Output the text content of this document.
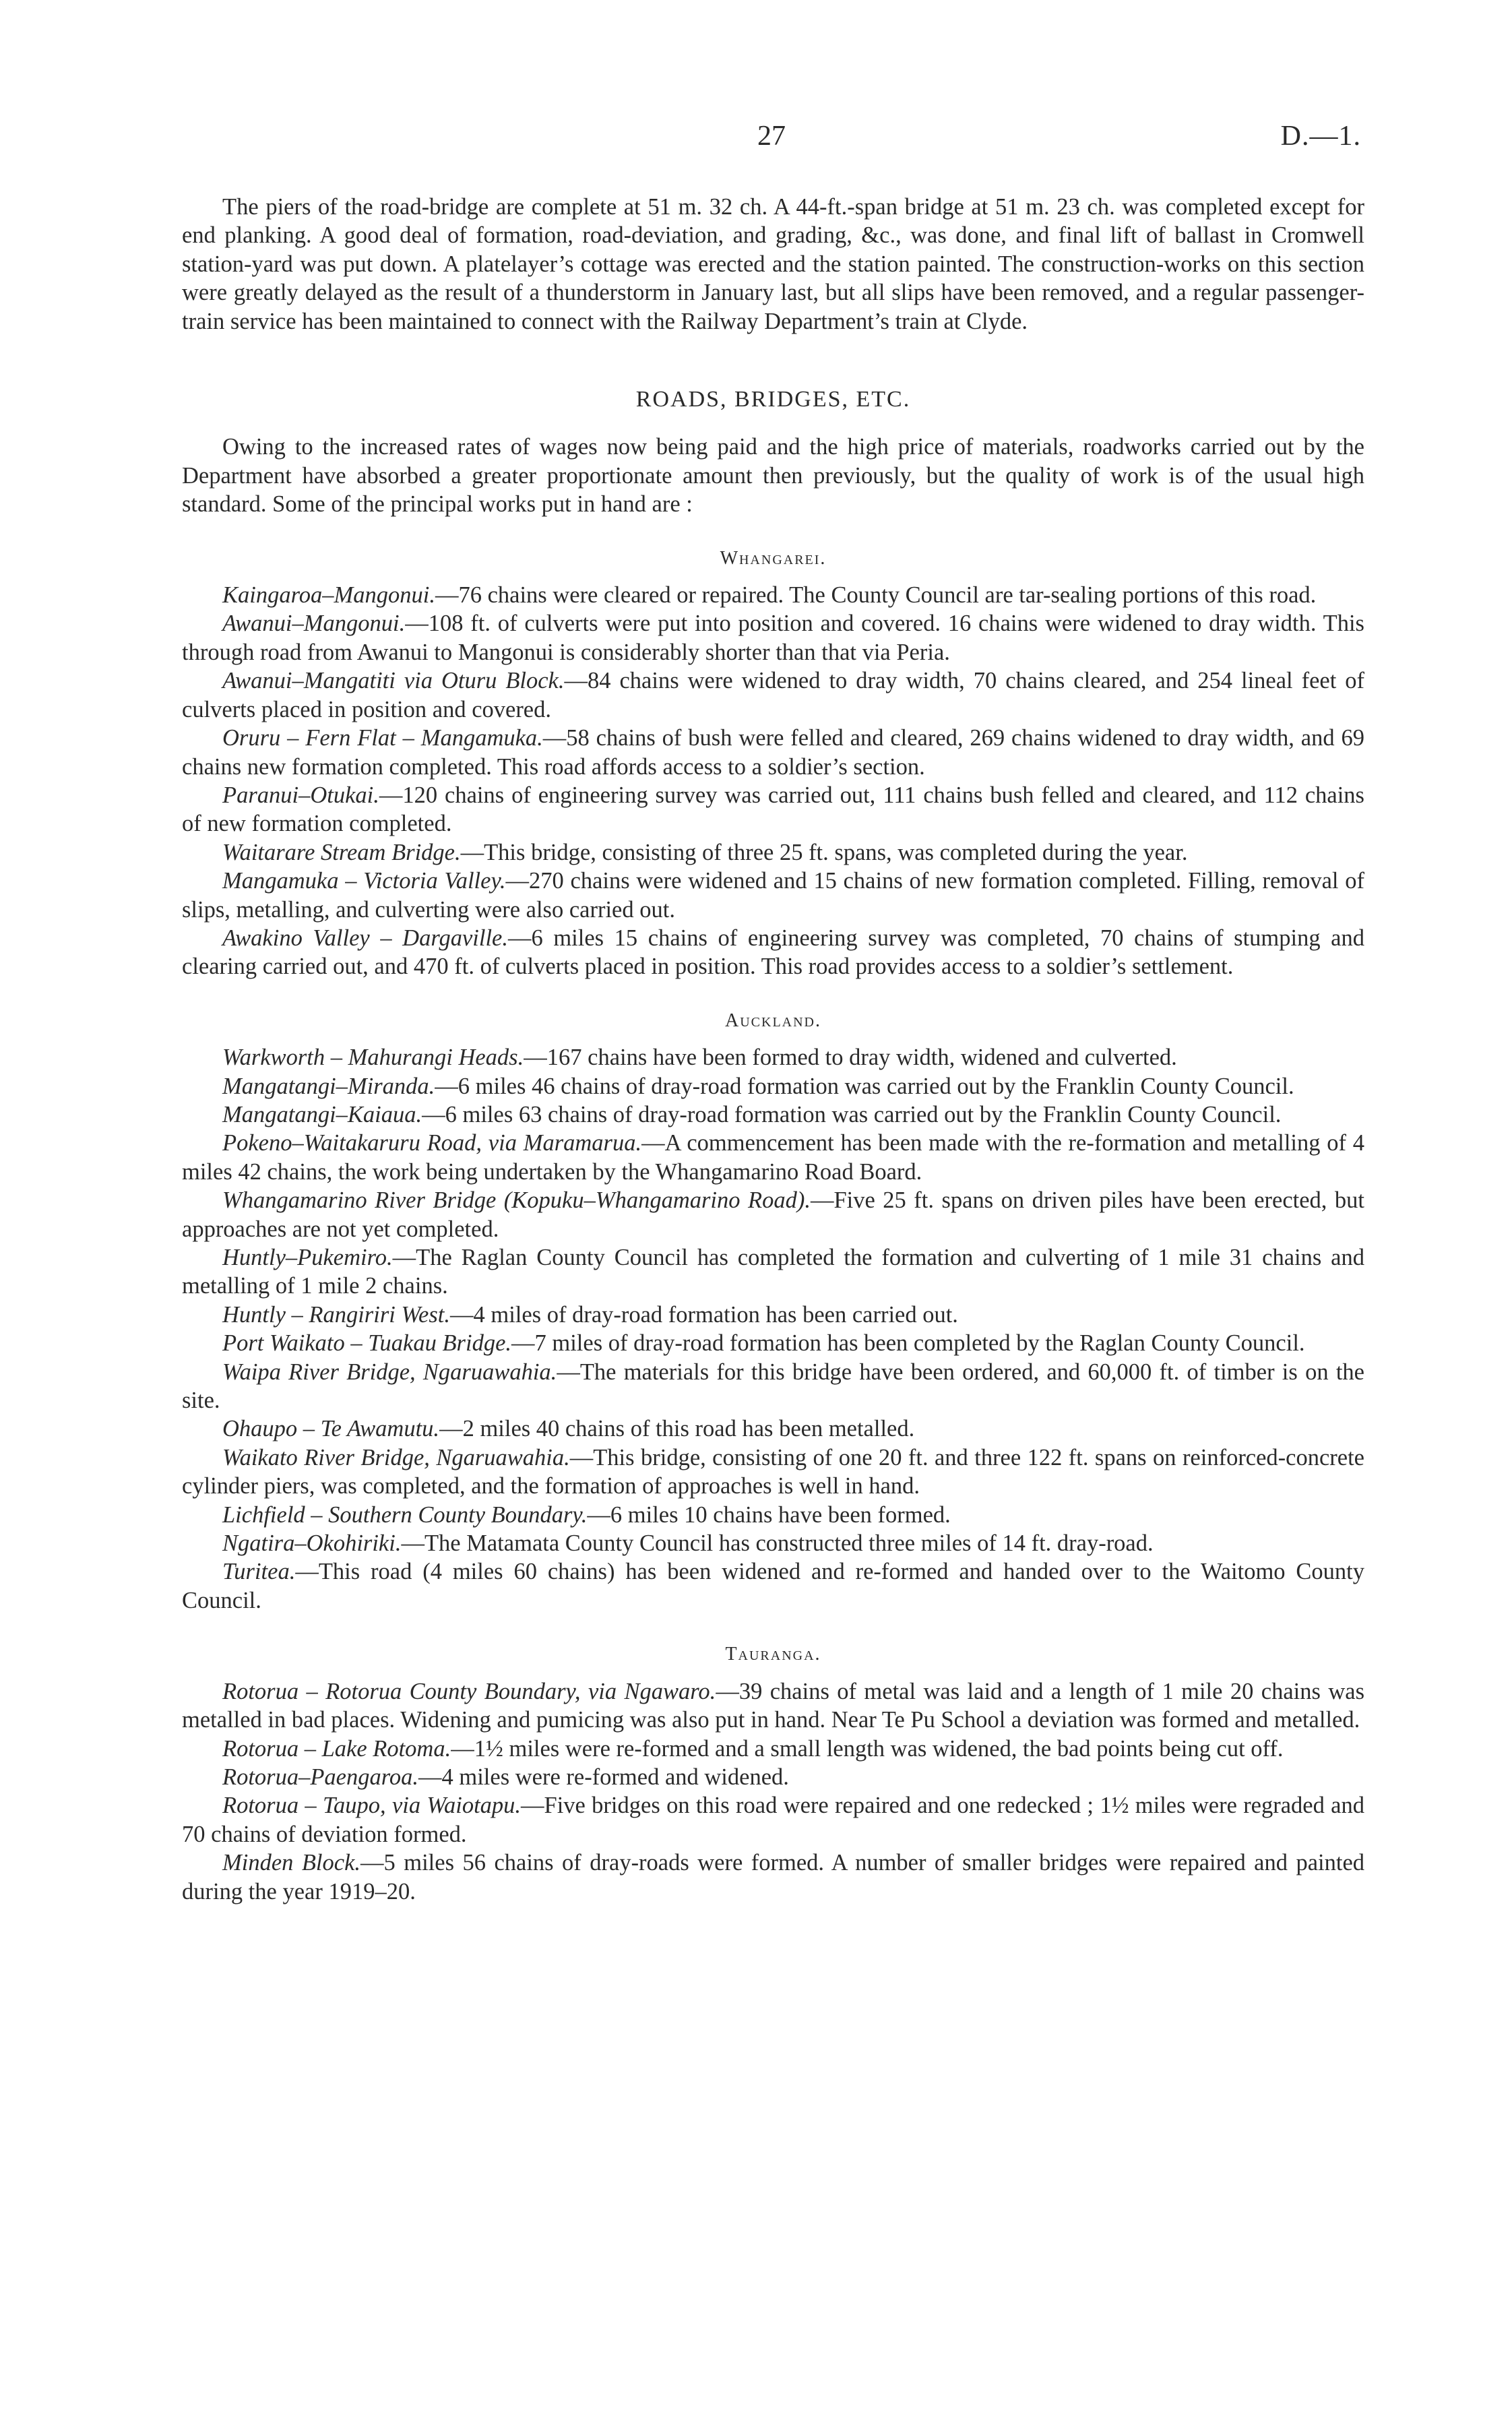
27	D.—1.

The piers of the road-bridge are complete at 51 m. 32 ch. A 44-ft.-span bridge at 51 m. 23 ch. was completed except for end planking. A good deal of formation, road-deviation, and grading, &c., was done, and final lift of ballast in Cromwell station-yard was put down. A platelayer’s cottage was erected and the station painted. The construction-works on this section were greatly delayed as the result of a thunderstorm in January last, but all slips have been removed, and a regular passenger-train service has been maintained to connect with the Railway Department’s train at Clyde.

ROADS, BRIDGES, ETC.

Owing to the increased rates of wages now being paid and the high price of materials, roadworks carried out by the Department have absorbed a greater proportionate amount then previously, but the quality of work is of the usual high standard. Some of the principal works put in hand are :

Whangarei.

Kaingaroa–Mangonui.—76 chains were cleared or repaired. The County Council are tar-sealing portions of this road.

Awanui–Mangonui.—108 ft. of culverts were put into position and covered. 16 chains were widened to dray width. This through road from Awanui to Mangonui is considerably shorter than that via Peria.

Awanui–Mangatiti via Oturu Block.—84 chains were widened to dray width, 70 chains cleared, and 254 lineal feet of culverts placed in position and covered.

Oruru – Fern Flat – Mangamuka.—58 chains of bush were felled and cleared, 269 chains widened to dray width, and 69 chains new formation completed. This road affords access to a soldier’s section.

Paranui–Otukai.—120 chains of engineering survey was carried out, 111 chains bush felled and cleared, and 112 chains of new formation completed.

Waitarare Stream Bridge.—This bridge, consisting of three 25 ft. spans, was completed during the year.

Mangamuka – Victoria Valley.—270 chains were widened and 15 chains of new formation completed. Filling, removal of slips, metalling, and culverting were also carried out.

Awakino Valley – Dargaville.—6 miles 15 chains of engineering survey was completed, 70 chains of stumping and clearing carried out, and 470 ft. of culverts placed in position. This road provides access to a soldier’s settlement.

Auckland.

Warkworth – Mahurangi Heads.—167 chains have been formed to dray width, widened and culverted.

Mangatangi–Miranda.—6 miles 46 chains of dray-road formation was carried out by the Franklin County Council.

Mangatangi–Kaiaua.—6 miles 63 chains of dray-road formation was carried out by the Franklin County Council.

Pokeno–Waitakaruru Road, via Maramarua.—A commencement has been made with the re-formation and metalling of 4 miles 42 chains, the work being undertaken by the Whangamarino Road Board.

Whangamarino River Bridge (Kopuku–Whangamarino Road).—Five 25 ft. spans on driven piles have been erected, but approaches are not yet completed.

Huntly–Pukemiro.—The Raglan County Council has completed the formation and culverting of 1 mile 31 chains and metalling of 1 mile 2 chains.

Huntly – Rangiriri West.—4 miles of dray-road formation has been carried out.

Port Waikato – Tuakau Bridge.—7 miles of dray-road formation has been completed by the Raglan County Council.

Waipa River Bridge, Ngaruawahia.—The materials for this bridge have been ordered, and 60,000 ft. of timber is on the site.

Ohaupo – Te Awamutu.—2 miles 40 chains of this road has been metalled.

Waikato River Bridge, Ngaruawahia.—This bridge, consisting of one 20 ft. and three 122 ft. spans on reinforced-concrete cylinder piers, was completed, and the formation of approaches is well in hand.

Lichfield – Southern County Boundary.—6 miles 10 chains have been formed.

Ngatira–Okohiriki.—The Matamata County Council has constructed three miles of 14 ft. dray-road.

Turitea.—This road (4 miles 60 chains) has been widened and re-formed and handed over to the Waitomo County Council.

Tauranga.

Rotorua – Rotorua County Boundary, via Ngawaro.—39 chains of metal was laid and a length of 1 mile 20 chains was metalled in bad places. Widening and pumicing was also put in hand. Near Te Pu School a deviation was formed and metalled.

Rotorua – Lake Rotoma.—1½ miles were re-formed and a small length was widened, the bad points being cut off.

Rotorua–Paengaroa.—4 miles were re-formed and widened.

Rotorua – Taupo, via Waiotapu.—Five bridges on this road were repaired and one redecked ; 1½ miles were regraded and 70 chains of deviation formed.

Minden Block.—5 miles 56 chains of dray-roads were formed. A number of smaller bridges were repaired and painted during the year 1919–20.
